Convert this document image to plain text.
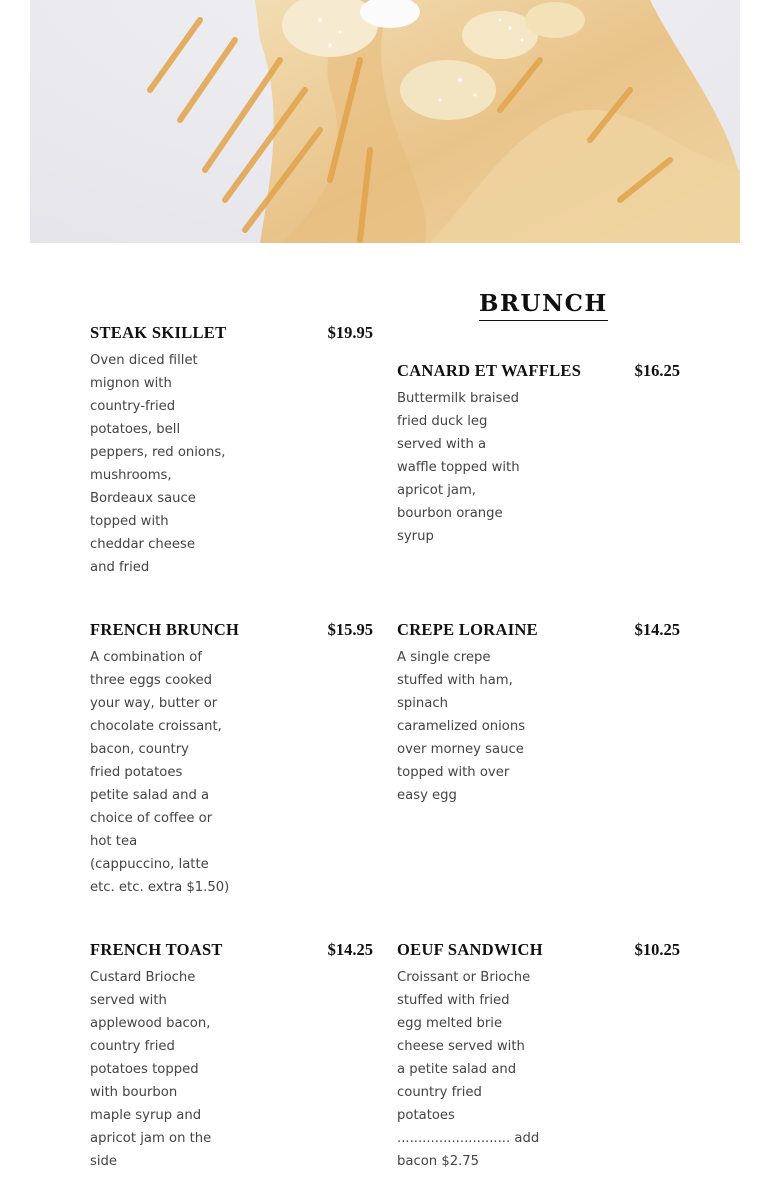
BRUNCH
STEAK SKILLET	$19.95
Oven diced fillet
mignon with
country-fried
potatoes, bell
peppers, red onions,
mushrooms,
Bordeaux sauce
topped with
cheddar cheese
and fried
CANARD ET WAFFLES	$16.25
Buttermilk braised
fried duck leg
served with a
waffle topped with
apricot jam,
bourbon orange
syrup
FRENCH BRUNCH	$15.95
A combination of
three eggs cooked
your way, butter or
chocolate croissant,
bacon, country
fried potatoes
petite salad and a
choice of coffee or
hot tea
(cappuccino, latte
etc. etc. extra $1.50)
CREPE LORAINE	$14.25
A single crepe
stuffed with ham,
spinach
caramelized onions
over morney sauce
topped with over
easy egg
FRENCH TOAST	$14.25
Custard Brioche
served with
applewood bacon,
country fried
potatoes topped
with bourbon
maple syrup and
apricot jam on the
side
OEUF SANDWICH	$10.25
Croissant or Brioche
stuffed with fried
egg melted brie
cheese served with
a petite salad and
country fried
potatoes
........................... add
bacon $2.75
